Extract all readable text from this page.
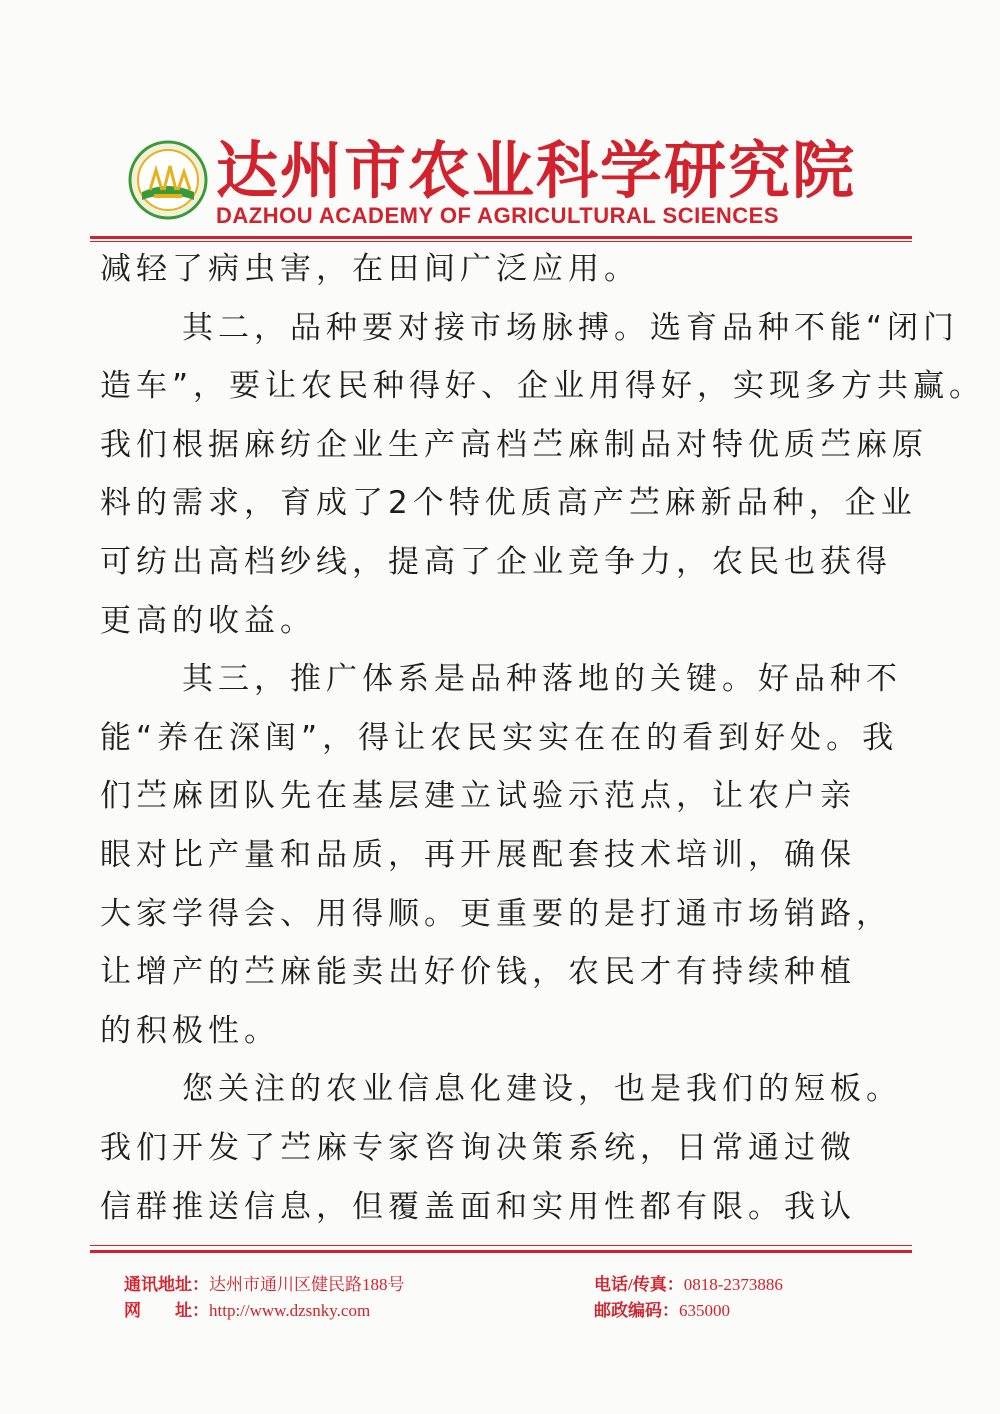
达州市农业科学研究院
DAZHOU ACADEMY OF AGRICULTURAL SCIENCES
减轻了病虫害，在田间广泛应用。
其二，品种要对接市场脉搏。选育品种不能“闭门
造车”，要让农民种得好、企业用得好，实现多方共赢。
我们根据麻纺企业生产高档苎麻制品对特优质苎麻原
料的需求，育成了2个特优质高产苎麻新品种，企业
可纺出高档纱线，提高了企业竞争力，农民也获得
更高的收益。
其三，推广体系是品种落地的关键。好品种不
能“养在深闺”，得让农民实实在在的看到好处。我
们苎麻团队先在基层建立试验示范点，让农户亲
眼对比产量和品质，再开展配套技术培训，确保
大家学得会、用得顺。更重要的是打通市场销路，
让增产的苎麻能卖出好价钱，农民才有持续种植
的积极性。
您关注的农业信息化建设，也是我们的短板。
我们开发了苎麻专家咨询决策系统，日常通过微
信群推送信息，但覆盖面和实用性都有限。我认
通讯地址：达州市通川区健民路188号
网　　址：http://www.dzsnky.com
电话/传真：0818-2373886
邮政编码：635000
